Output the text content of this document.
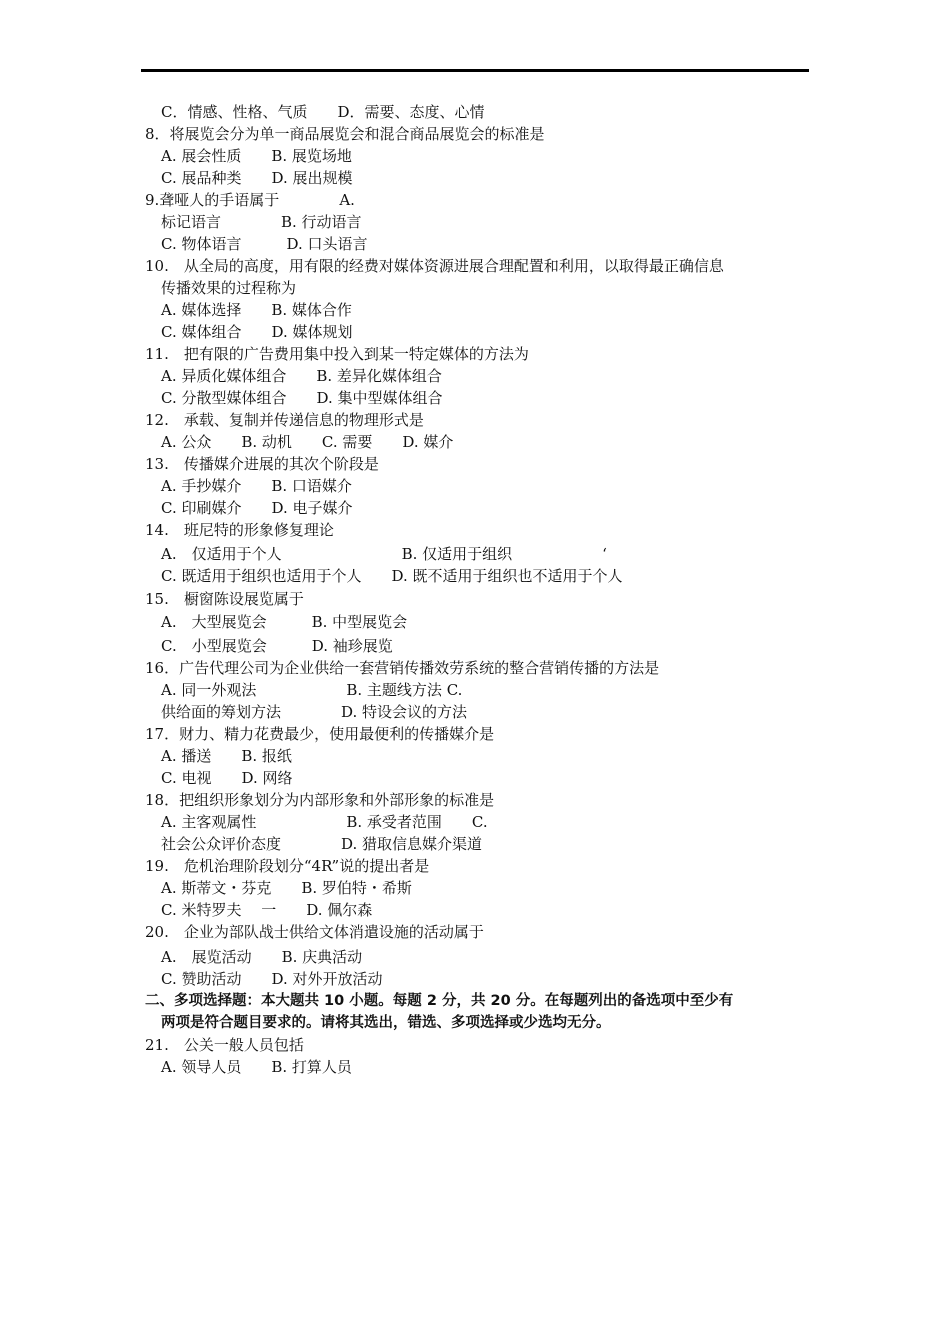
C．情感、性格、气质　　D．需要、态度、心情
8．将展览会分为单一商品展览会和混合商品展览会的标准是
A. 展会性质　　B. 展览场地
C. 展品种类　　D. 展出规模
9.聋哑人的手语属于　　　　A.
标记语言　　　　B. 行动语言
C. 物体语言　　　D. 口头语言
10.　从全局的高度，用有限的经费对媒体资源进展合理配置和利用，以取得最正确信息
传播效果的过程称为
A. 媒体选择　　B. 媒体合作
C. 媒体组合　　D. 媒体规划
11.　把有限的广告费用集中投入到某一特定媒体的方法为
A. 异质化媒体组合　　B. 差异化媒体组合
C. 分散型媒体组合　　D. 集中型媒体组合
12.　承载、复制并传递信息的物理形式是
A. 公众　　B. 动机　　C. 需要　　D. 媒介
13.　传播媒介进展的其次个阶段是
A. 手抄媒介　　B. 口语媒介
C. 印刷媒介　　D. 电子媒介
14.　班尼特的形象修复理论
A.　仅适用于个人　　　　　　　　B. 仅适用于组织　　　　　　‘
C. 既适用于组织也适用于个人　　D. 既不适用于组织也不适用于个人
15.　橱窗陈设展览属于
A.　大型展览会　　　B. 中型展览会
C.　小型展览会　　　D. 袖珍展览
16．广告代理公司为企业供给一套营销传播效劳系统的整合营销传播的方法是
A. 同一外观法　　　　　　B. 主题线方法 C.
供给面的筹划方法　　　　D. 特设会议的方法
17．财力、精力花费最少，使用最便利的传播媒介是
A. 播送　　B. 报纸
C. 电视　　D. 网络
18．把组织形象划分为内部形象和外部形象的标准是
A. 主客观属性　　　　　　B. 承受者范围　　C.
社会公众评价态度　　　　D. 猎取信息媒介渠道
19.　危机治理阶段划分“4R”说的提出者是
A. 斯蒂文・芬克　　B. 罗伯特・希斯
C. 米特罗夫　 一　　D. 佩尔森
20.　企业为部队战士供给文体消遣设施的活动属于
A.　展览活动　　B. 庆典活动
C. 赞助活动　　D. 对外开放活动
二、多项选择题：本大题共 10 小题。每题 2 分，共 20 分。在每题列出的备选项中至少有
两项是符合题目要求的。请将其选出，错选、多项选择或少选均无分。
21.　公关一般人员包括
A. 领导人员　　B. 打算人员
